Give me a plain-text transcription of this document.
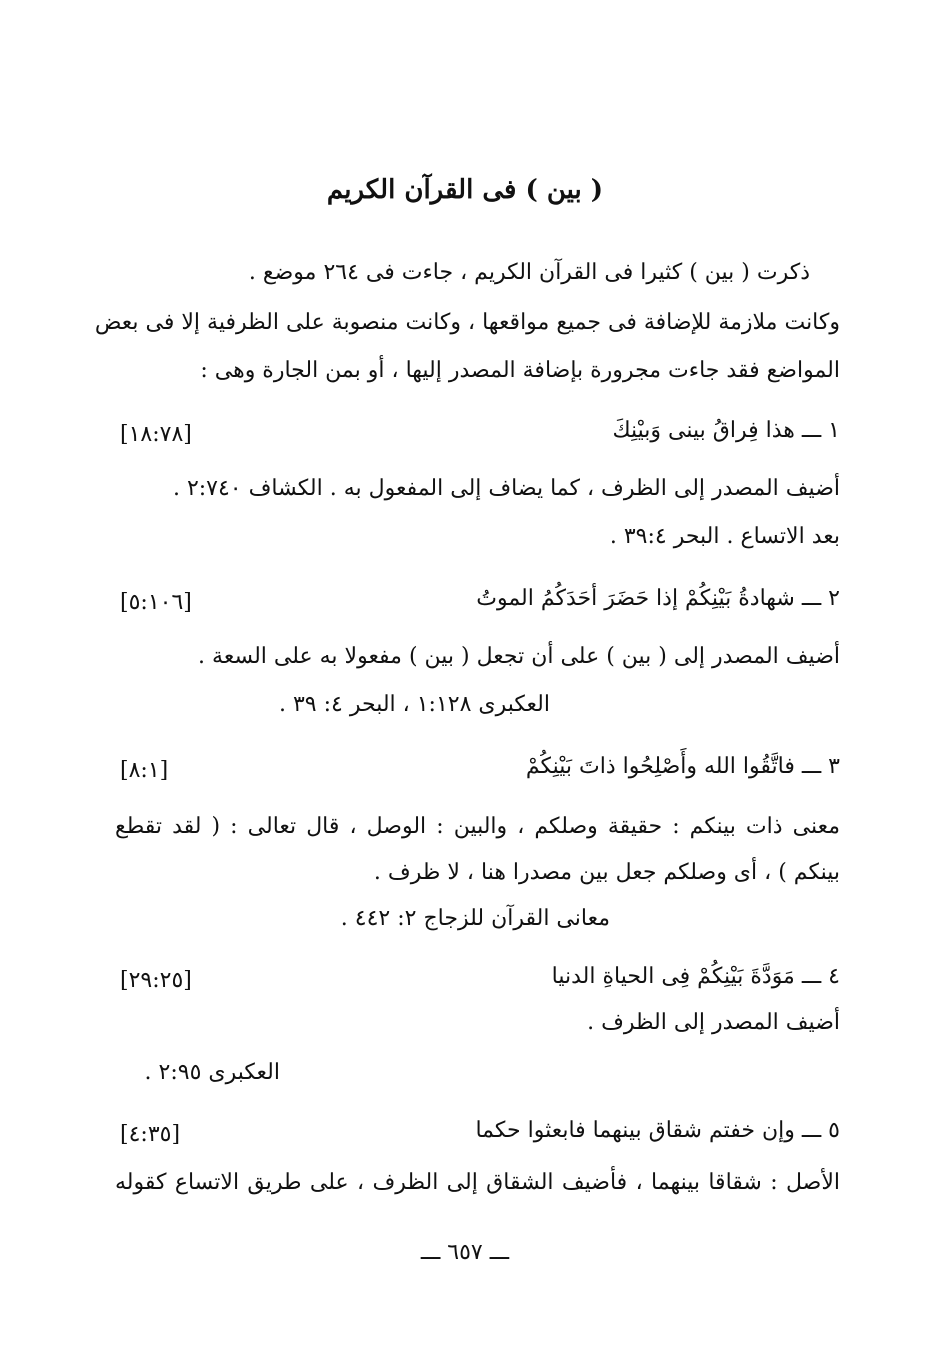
( بين ) فى القرآن الكريم
ذكرت ( بين ) كثيرا فى القرآن الكريم ، جاءت فى ٢٦٤ موضع .
وكانت ملازمة للإضافة فى جميع مواقعها ، وكانت منصوبة على الظرفية إلا فى بعض
المواضع فقد جاءت مجرورة بإضافة المصدر إليها ، أو بمن الجارة وهى :
١ ـــ هذا فِراقُ بينى وَبيْنِكَ
[١٨:٧٨]
أضيف المصدر إلى الظرف ، كما يضاف إلى المفعول به . الكشاف ٢:٧٤٠ .
بعد الاتساع . البحر ٣٩:٤ .
٢ ـــ شهادةُ بَيْنِكُمْ إذا حَضَرَ أحَدَكُمُ الموتُ
[٥:١٠٦]
أضيف المصدر إلى ( بين ) على أن تجعل ( بين ) مفعولا به على السعة .
العكبرى ١:١٢٨ ، البحر ٤: ٣٩ .
٣ ـــ فاتَّقُوا الله وأَصْلِحُوا ذاتَ بَيْنِكُمْ
[٨:١]
معنى ذات بينكم : حقيقة وصلكم ، والبين : الوصل ، قال تعالى : ( لقد تقطع
بينكم ) ، أى وصلكم جعل بين مصدرا هنا ، لا ظرف .
معانى القرآن للزجاج ٢: ٤٤٢ .
٤ ـــ مَوَدَّةَ بَيْنِكُمْ فِى الحياةِ الدنيا
[٢٩:٢٥]
أضيف المصدر إلى الظرف .
العكبرى ٢:٩٥ .
٥ ـــ وإن خفتم شقاق بينهما فابعثوا حكما
[٤:٣٥]
الأصل : شقاقا بينهما ، فأضيف الشقاق إلى الظرف ، على طريق الاتساع كقوله
ـــ ٦٥٧ ـــ
